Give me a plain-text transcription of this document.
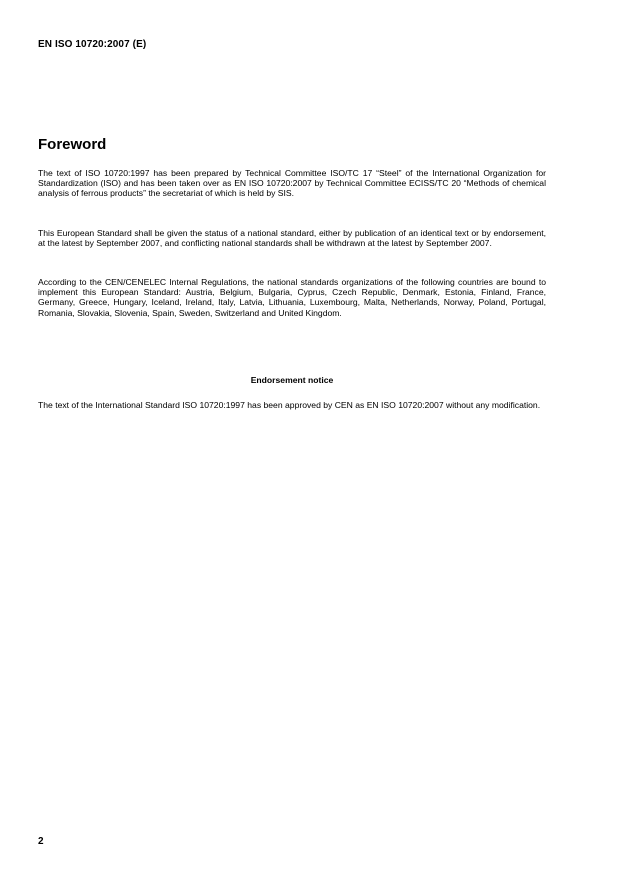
EN ISO 10720:2007 (E)
Foreword

The text of ISO 10720:1997 has been prepared by Technical Committee ISO/TC 17 “Steel” of the International Organization for Standardization (ISO) and has been taken over as EN ISO 10720:2007 by Technical Committee ECISS/TC 20 “Methods of chemical analysis of ferrous products” the secretariat of which is held by SIS.

This European Standard shall be given the status of a national standard, either by publication of an identical text or by endorsement, at the latest by September 2007, and conflicting national standards shall be withdrawn at the latest by September 2007.

According to the CEN/CENELEC Internal Regulations, the national standards organizations of the following countries are bound to implement this European Standard: Austria, Belgium, Bulgaria, Cyprus, Czech Republic, Denmark, Estonia, Finland, France, Germany, Greece, Hungary, Iceland, Ireland, Italy, Latvia, Lithuania, Luxembourg, Malta, Netherlands, Norway, Poland, Portugal, Romania, Slovakia, Slovenia, Spain, Sweden, Switzerland and United Kingdom.

Endorsement notice

The text of the International Standard ISO 10720:1997 has been approved by CEN as EN ISO 10720:2007 without any modification.

2
